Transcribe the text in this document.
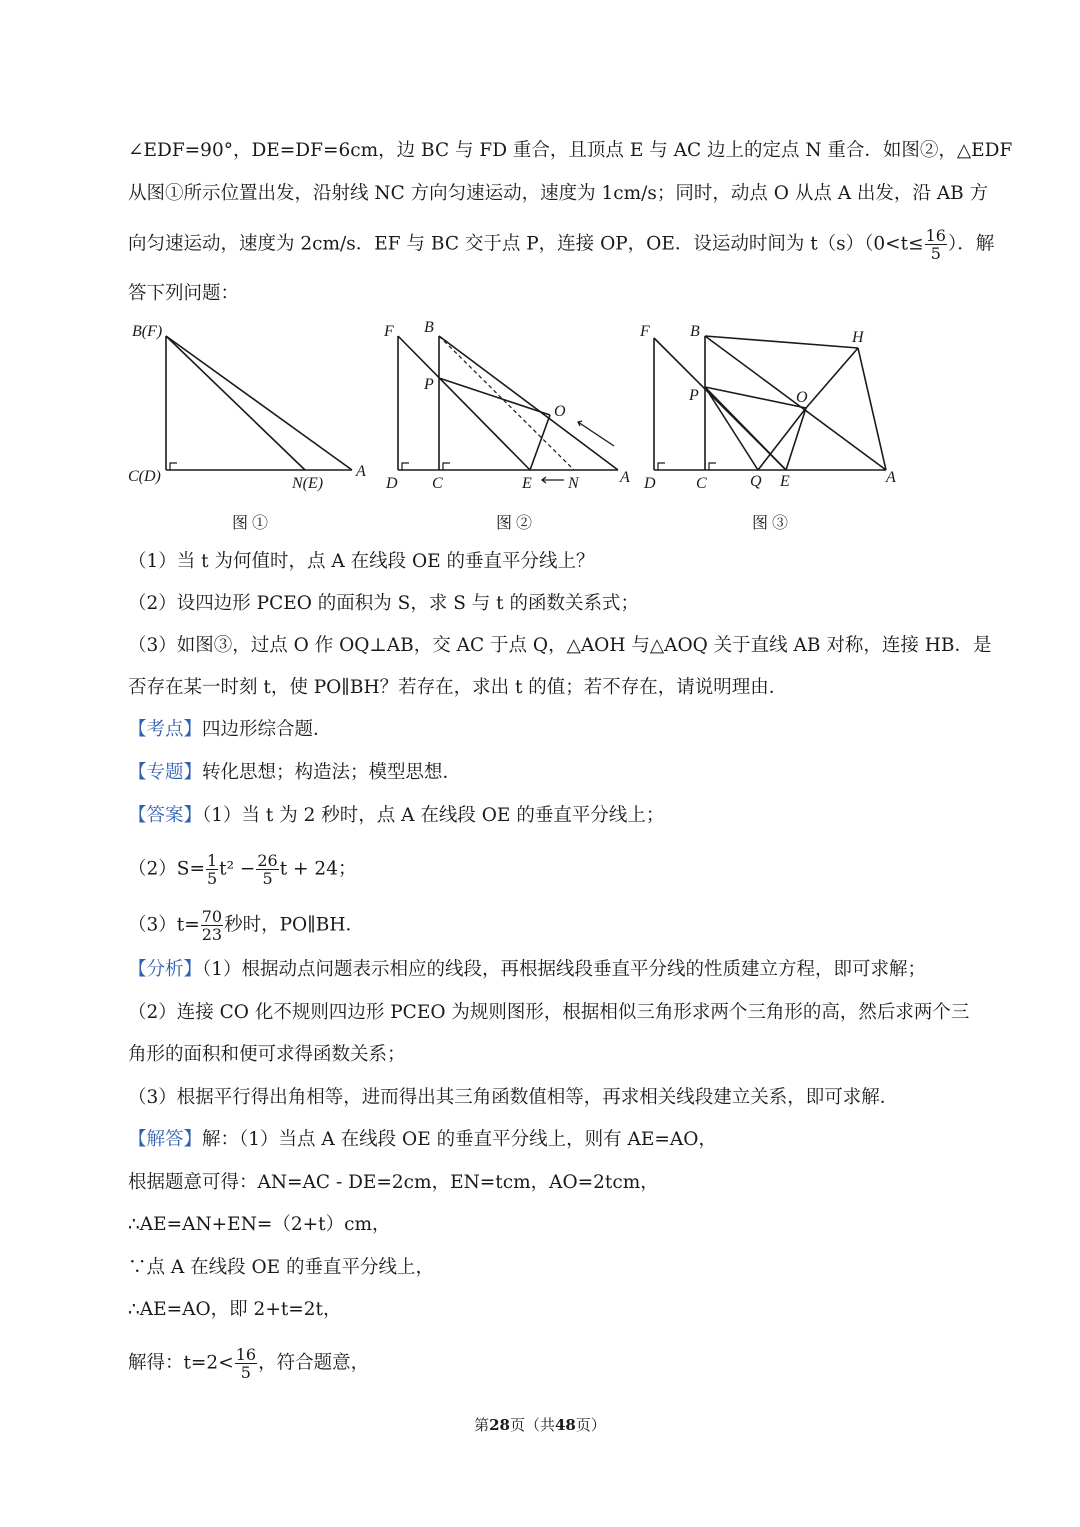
∠EDF=90°，DE=DF=6cm，边 BC 与 FD 重合，且顶点 E 与 AC 边上的定点 N 重合．如图②，△EDF
从图①所示位置出发，沿射线 NC 方向匀速运动，速度为 1cm/s；同时，动点 O 从点 A 出发，沿 AB 方
向匀速运动，速度为 2cm/s．EF 与 BC 交于点 P，连接 OP，OE．设运动时间为 $t(s)(0<t\le \frac{16}{5}$ ）．解
答下列问题：
B(F)
C(D)	N(E)
A
图 ①
F B
P
O
D C	E N	A
图 ②
F	B	H
P	O
D	C	Q E	A
图 ③
（1）当 t 为何值时，点 A 在线段 OE 的垂直平分线上？
（2）设四边形 PCEO 的面积为 S，求 S 与 t 的函数关系式；
（3）如图③，过点 O 作 OQ⊥AB，交 AC 于点 Q，△AOH 与△AOQ 关于直线 AB 对称，连接 HB．是
否存在某一时刻 t，使 PO∥BH？若存在，求出 t 的值；若不存在，请说明理由．
【考点】四边形综合题．
【专题】转化思想；构造法；模型思想．
【答案】（1）当 t 为 2 秒时，点 A 在线段 OE 的垂直平分线上；
$(2)S= \frac{1}{5} t^2 - \frac{26}{5}$ t + 24；
$(3)t= \frac{70}{23}$ 秒时，PO∥BH．
【分析】（1）根据动点问题表示相应的线段，再根据线段垂直平分线的性质建立方程，即可求解；
（2）连接 CO 化不规则四边形 PCEO 为规则图形，根据相似三角形求两个三角形的高，然后求两个三
角形的面积和便可求得函数关系；
（3）根据平行得出角相等，进而得出其三角函数值相等，再求相关线段建立关系，即可求解．
【解答】解：（1）当点 A 在线段 OE 的垂直平分线上，则有 AE=AO，
根据题意可得：AN=AC - DE=2cm，EN=tcm，AO=2tcm，
∴AE=AN+EN=（2+t）cm，
∵点 A 在线段 OE 的垂直平分线上，
∴AE=AO，即 2+t=2t，
解得：$t=2< \frac{16}{5}$ ，符合题意，
第28页（共48页）
